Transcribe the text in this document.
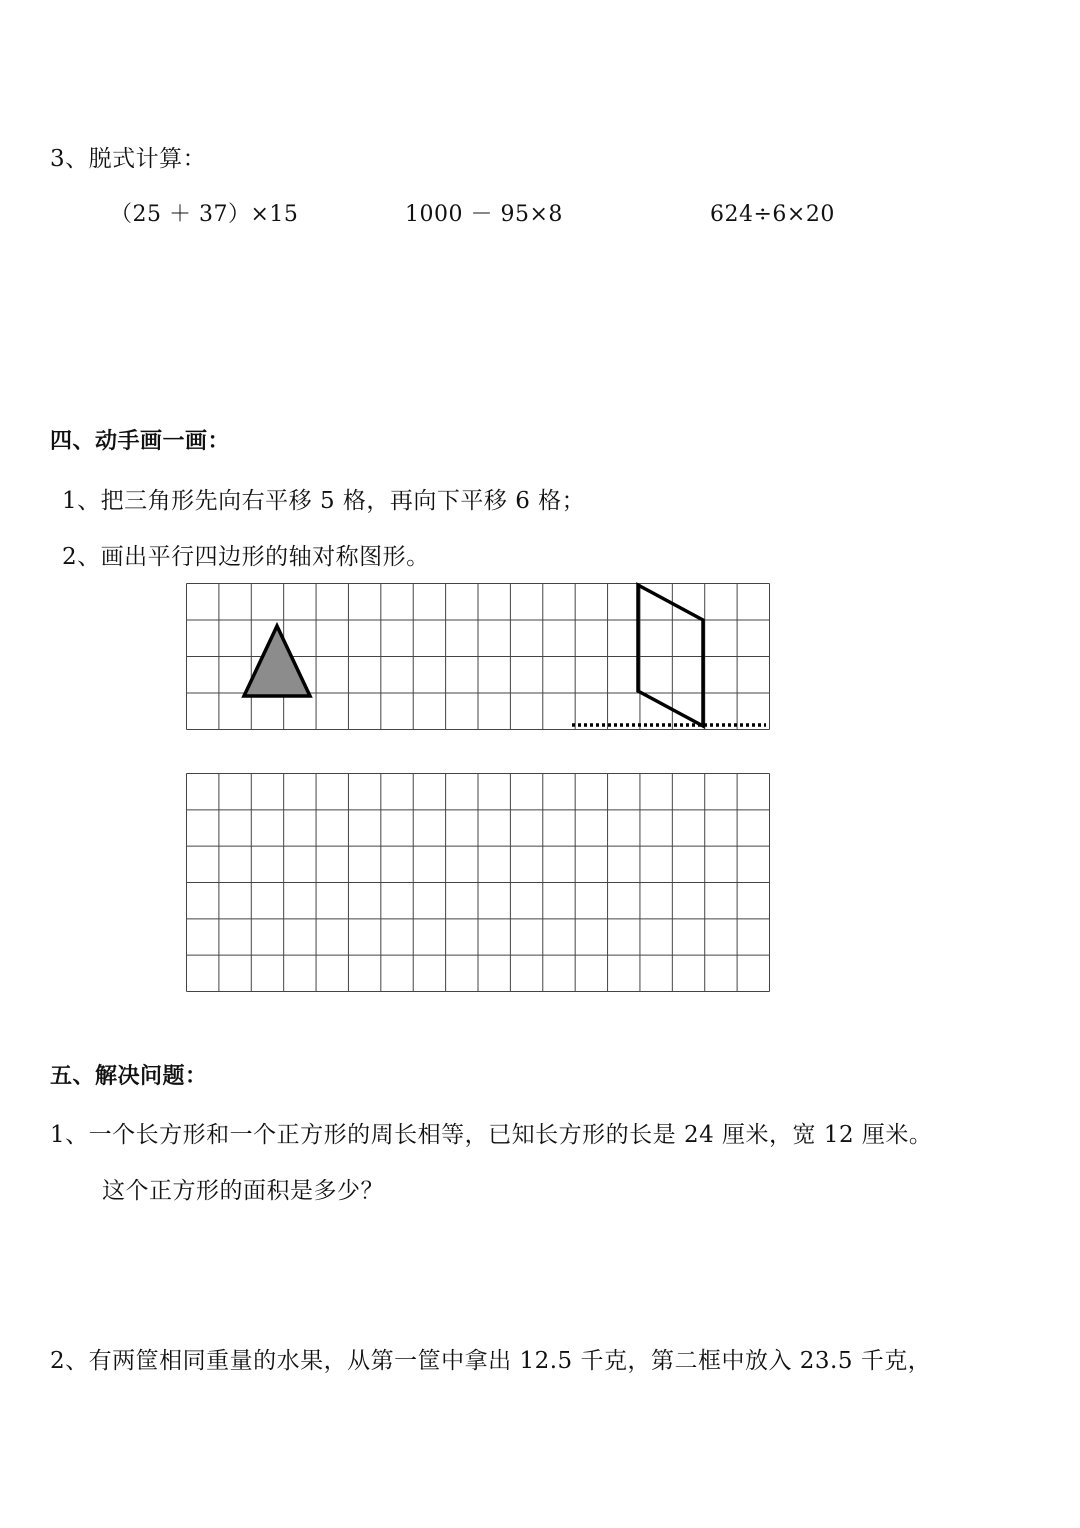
3、脱式计算：
（25 ＋ 37）×15	1000 － 95×8	624÷6×20
四、动手画一画：
1、把三角形先向右平移 5 格，再向下平移 6 格；
2、画出平行四边形的轴对称图形。
五、解决问题：
1、一个长方形和一个正方形的周长相等，已知长方形的长是 24 厘米，宽 12 厘米。
这个正方形的面积是多少？
2、有两筐相同重量的水果，从第一筐中拿出 12.5 千克，第二框中放入 23.5 千克，
